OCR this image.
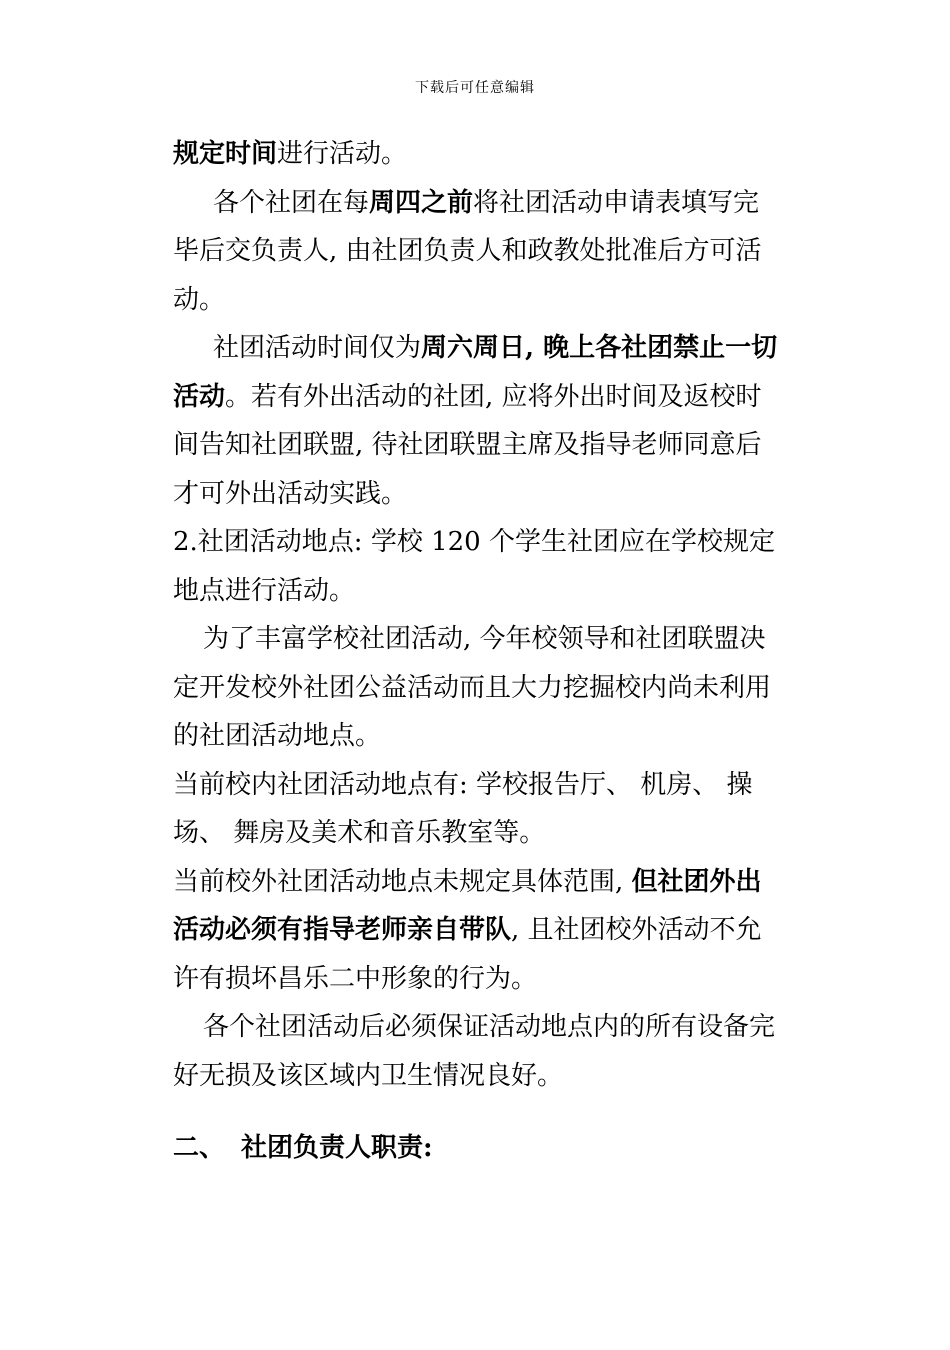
下载后可任意编辑

规定时间进行活动。

各个社团在每周四之前将社团活动申请表填写完毕后交负责人, 由社团负责人和政教处批准后方可活动。

社团活动时间仅为周六周日, 晚上各社团禁止一切活动。若有外出活动的社团, 应将外出时间及返校时间告知社团联盟, 待社团联盟主席及指导老师同意后才可外出活动实践。

2.社团活动地点: 学校 120 个学生社团应在学校规定地点进行活动。

为了丰富学校社团活动, 今年校领导和社团联盟决定开发校外社团公益活动而且大力挖掘校内尚未利用的社团活动地点。

当前校内社团活动地点有: 学校报告厅、 机房、 操场、 舞房及美术和音乐教室等。

当前校外社团活动地点未规定具体范围, 但社团外出活动必须有指导老师亲自带队, 且社团校外活动不允许有损坏昌乐二中形象的行为。

各个社团活动后必须保证活动地点内的所有设备完好无损及该区域内卫生情况良好。

二、 社团负责人职责:
